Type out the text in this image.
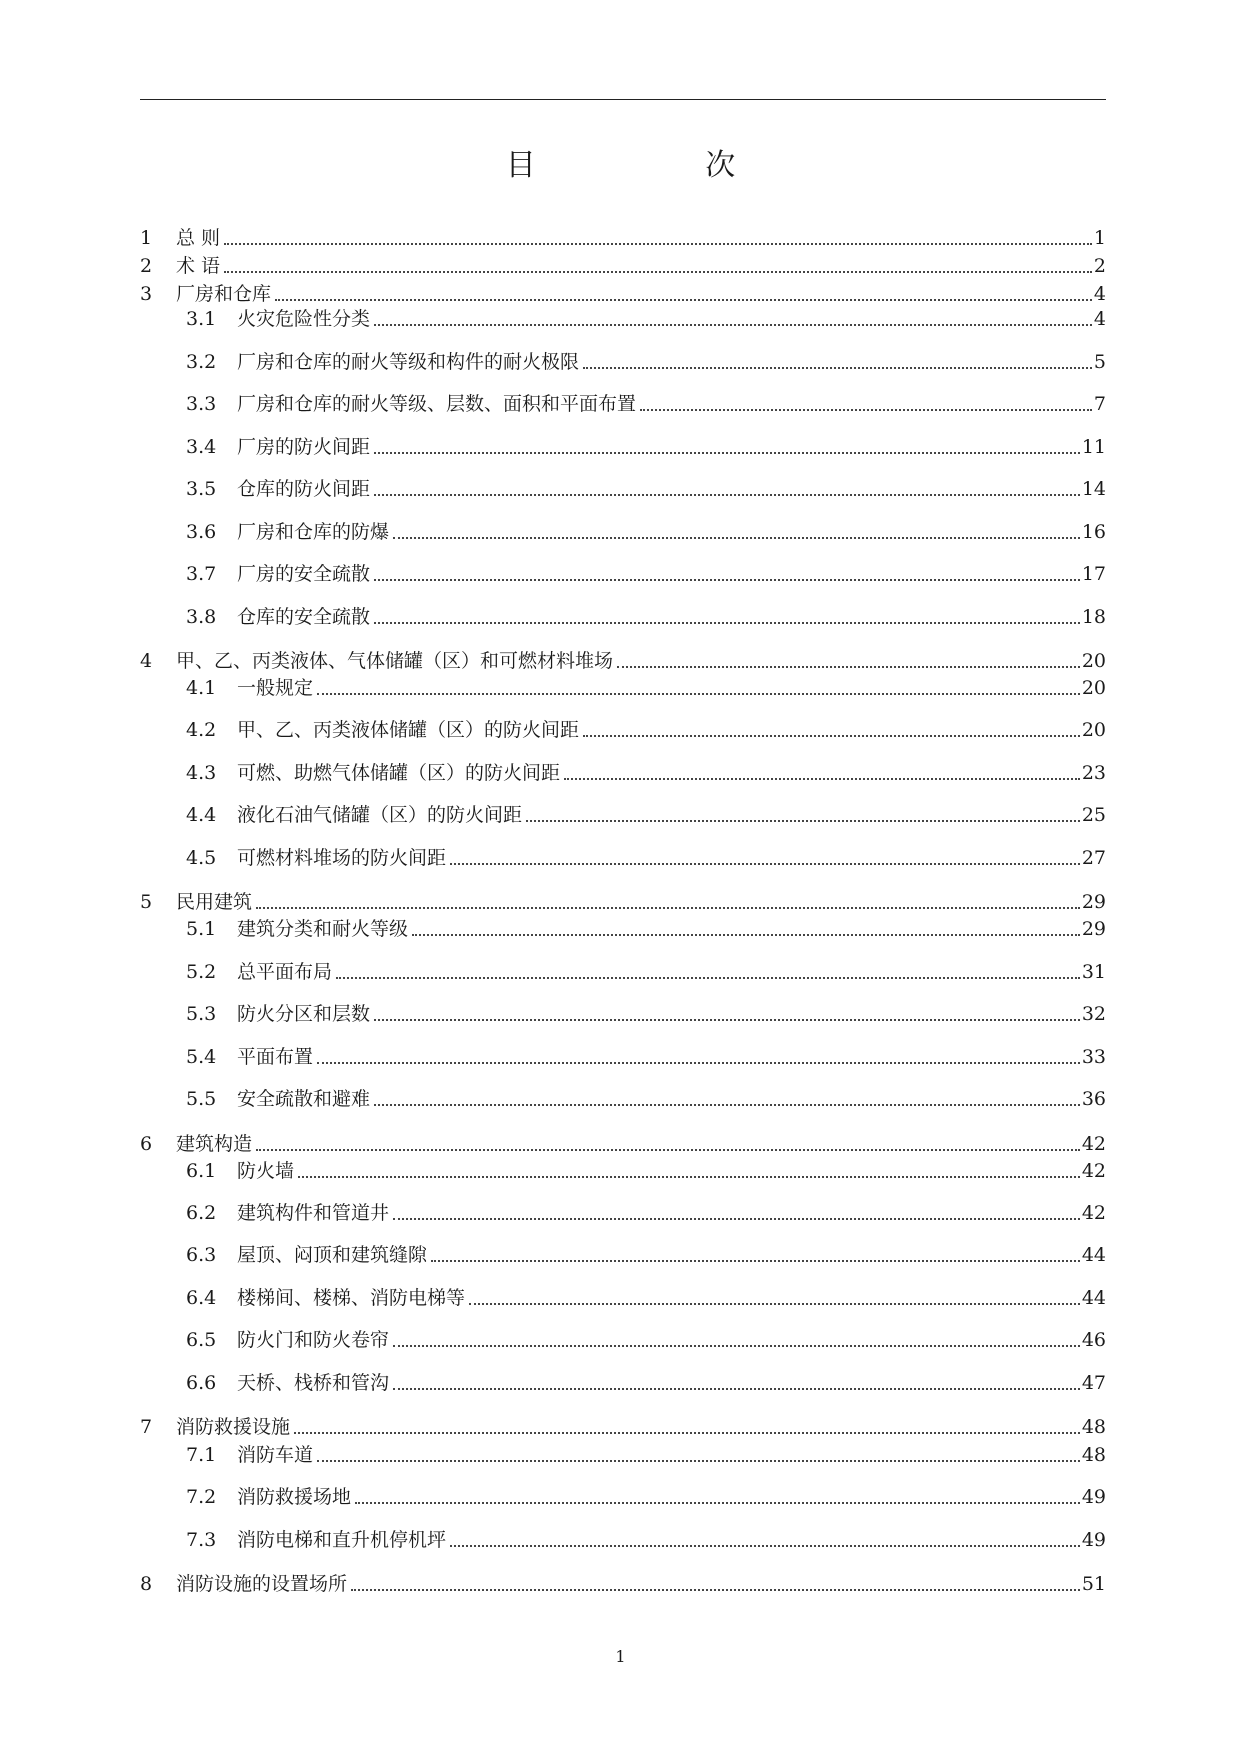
目 次
1	总 则	1
2	术 语	2
3	厂房和仓库	4
3.1	火灾危险性分类	4
3.2	厂房和仓库的耐火等级和构件的耐火极限	5
3.3	厂房和仓库的耐火等级、层数、面积和平面布置	7
3.4	厂房的防火间距	11
3.5	仓库的防火间距	14
3.6	厂房和仓库的防爆	16
3.7	厂房的安全疏散	17
3.8	仓库的安全疏散	18
4	甲、乙、丙类液体、气体储罐（区）和可燃材料堆场	20
4.1	一般规定	20
4.2	甲、乙、丙类液体储罐（区）的防火间距	20
4.3	可燃、助燃气体储罐（区）的防火间距	23
4.4	液化石油气储罐（区）的防火间距	25
4.5	可燃材料堆场的防火间距	27
5	民用建筑	29
5.1	建筑分类和耐火等级	29
5.2	总平面布局	31
5.3	防火分区和层数	32
5.4	平面布置	33
5.5	安全疏散和避难	36
6	建筑构造	42
6.1	防火墙	42
6.2	建筑构件和管道井	42
6.3	屋顶、闷顶和建筑缝隙	44
6.4	楼梯间、楼梯、消防电梯等	44
6.5	防火门和防火卷帘	46
6.6	天桥、栈桥和管沟	47
7	消防救援设施	48
7.1	消防车道	48
7.2	消防救援场地	49
7.3	消防电梯和直升机停机坪	49
8	消防设施的设置场所	51
1
